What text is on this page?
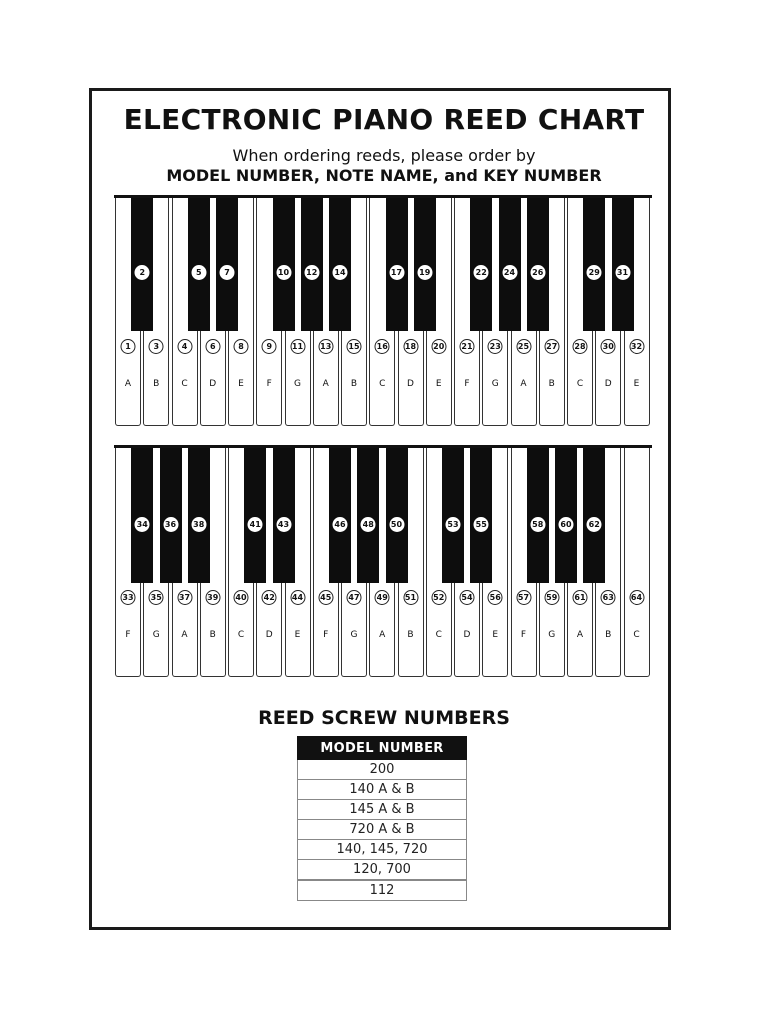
ELECTRONIC PIANO REED CHART

When ordering reeds, please order by

MODEL NUMBER, NOTE NAME, and KEY NUMBER

1
A
3
B
4
C
6
D
8
E
9
F
11
G
13
A
15
B
16
C
18
D
20
E
21
F
23
G
25
A
27
B
28
C
30
D
32
E
2	5	7	10 12 14	17 19	22 24 26	29 31
33
F
35
G
37
A
39
B
40
C
42
D
44
E
45
F
47
G
49
A
51
B
52
C
54
D
56
E
57
F
59
G
61
A
63
B
64
C
34 36 38	41 43	46 48 50	53 55	58 60 62
REED SCREW NUMBERS
MODEL NUMBER
200
140 A & B
145 A & B
720 A & B
140, 145, 720
120, 700
112
